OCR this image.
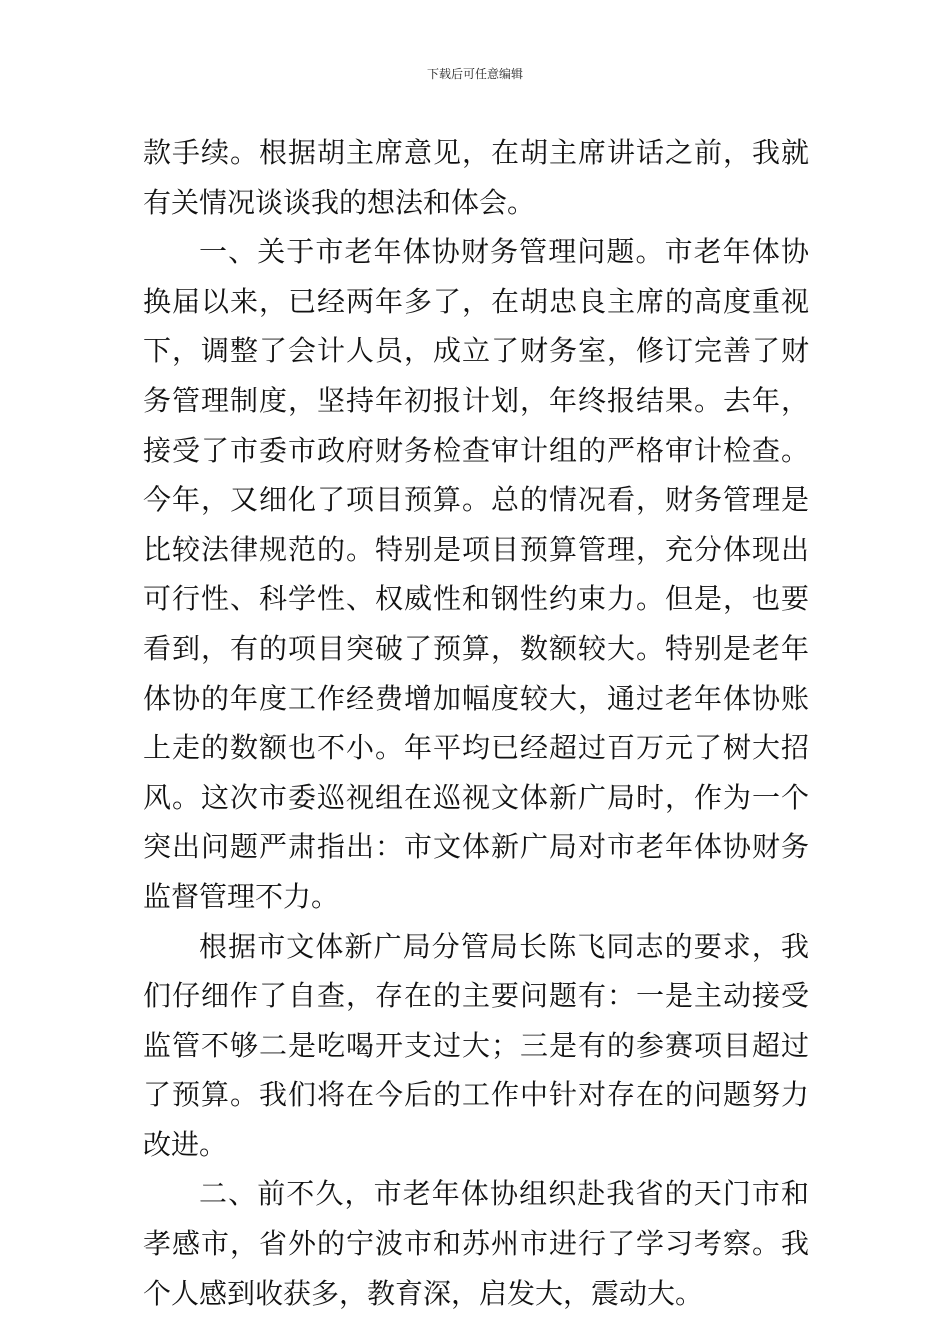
下载后可任意编辑

款手续。根据胡主席意见，在胡主席讲话之前，我就有关情况谈谈我的想法和体会。

一、关于市老年体协财务管理问题。市老年体协换届以来，已经两年多了，在胡忠良主席的高度重视下，调整了会计人员，成立了财务室，修订完善了财务管理制度，坚持年初报计划，年终报结果。去年，接受了市委市政府财务检查审计组的严格审计检查。今年，又细化了项目预算。总的情况看，财务管理是比较法律规范的。特别是项目预算管理，充分体现出可行性、科学性、权威性和钢性约束力。但是，也要看到，有的项目突破了预算，数额较大。特别是老年体协的年度工作经费增加幅度较大，通过老年体协账上走的数额也不小。年平均已经超过百万元了树大招风。这次市委巡视组在巡视文体新广局时，作为一个突出问题严肃指出：市文体新广局对市老年体协财务监督管理不力。

根据市文体新广局分管局长陈飞同志的要求，我们仔细作了自查，存在的主要问题有：一是主动接受监管不够二是吃喝开支过大；三是有的参赛项目超过了预算。我们将在今后的工作中针对存在的问题努力改进。

二、前不久，市老年体协组织赴我省的天门市和孝感市，省外的宁波市和苏州市进行了学习考察。我个人感到收获多，教育深，启发大，震动大。
